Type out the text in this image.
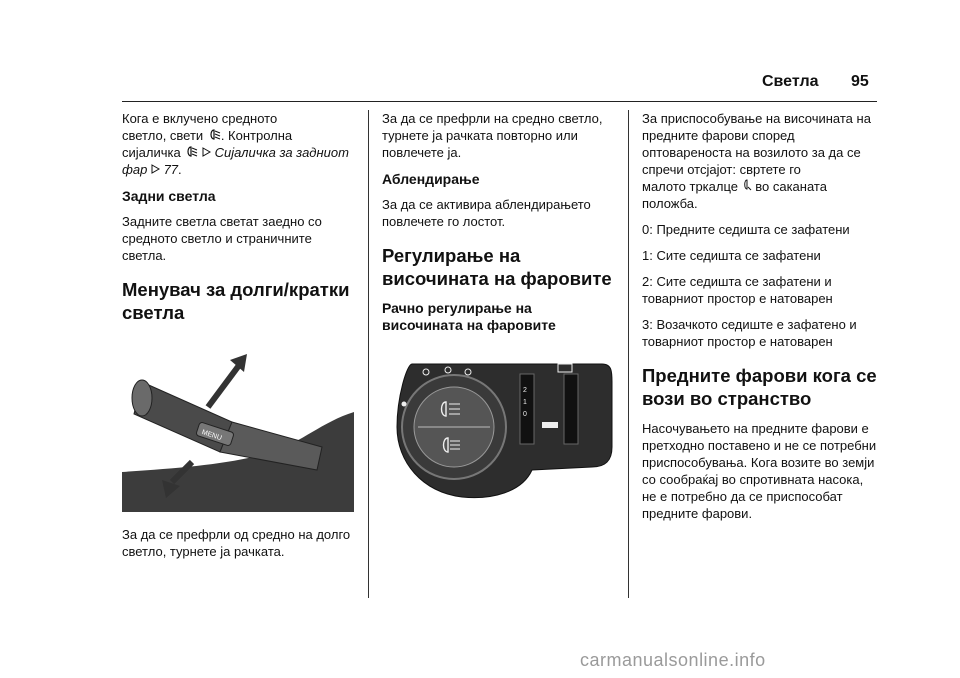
Светла 95

Кога е вклучено средното
светло, свети . Контролна
сијаличка	Сијаличка за задниот фар 77.

Задни светла

Задните светла светат заедно со средното светло и страничните светла.

Менувач за долги/кратки светла
MENU

За да се префрли од средно на долго светло, турнете ја рачката.

За да се префрли на средно светло, турнете ја рачката повторно или повлечете ја.

Аблендирање

За да се активира аблендирањето повлечете го лостот.

Регулирање на височината на фаровите
Рачно регулирање на височината на фаровите
2
1
0

За приспособување на височината на предните фарови според оптовареноста на возилото за да се спречи отсјајот: свртете го
малото тркалце во саканата положба.

0: Предните седишта се зафатени

1: Сите седишта се зафатени

2: Сите седишта се зафатени и товарниот простор е натоварен

3: Возачкото седиште е зафатено и товарниот простор е натоварен

Предните фарови кога се вози во странство

Насочувањето на предните фарови е претходно поставено и не се потребни приспособувања. Кога возите во земји со сообраќај во спротивната насока, не е потребно да се приспособат предните фарови.

carmanualsonline.info
